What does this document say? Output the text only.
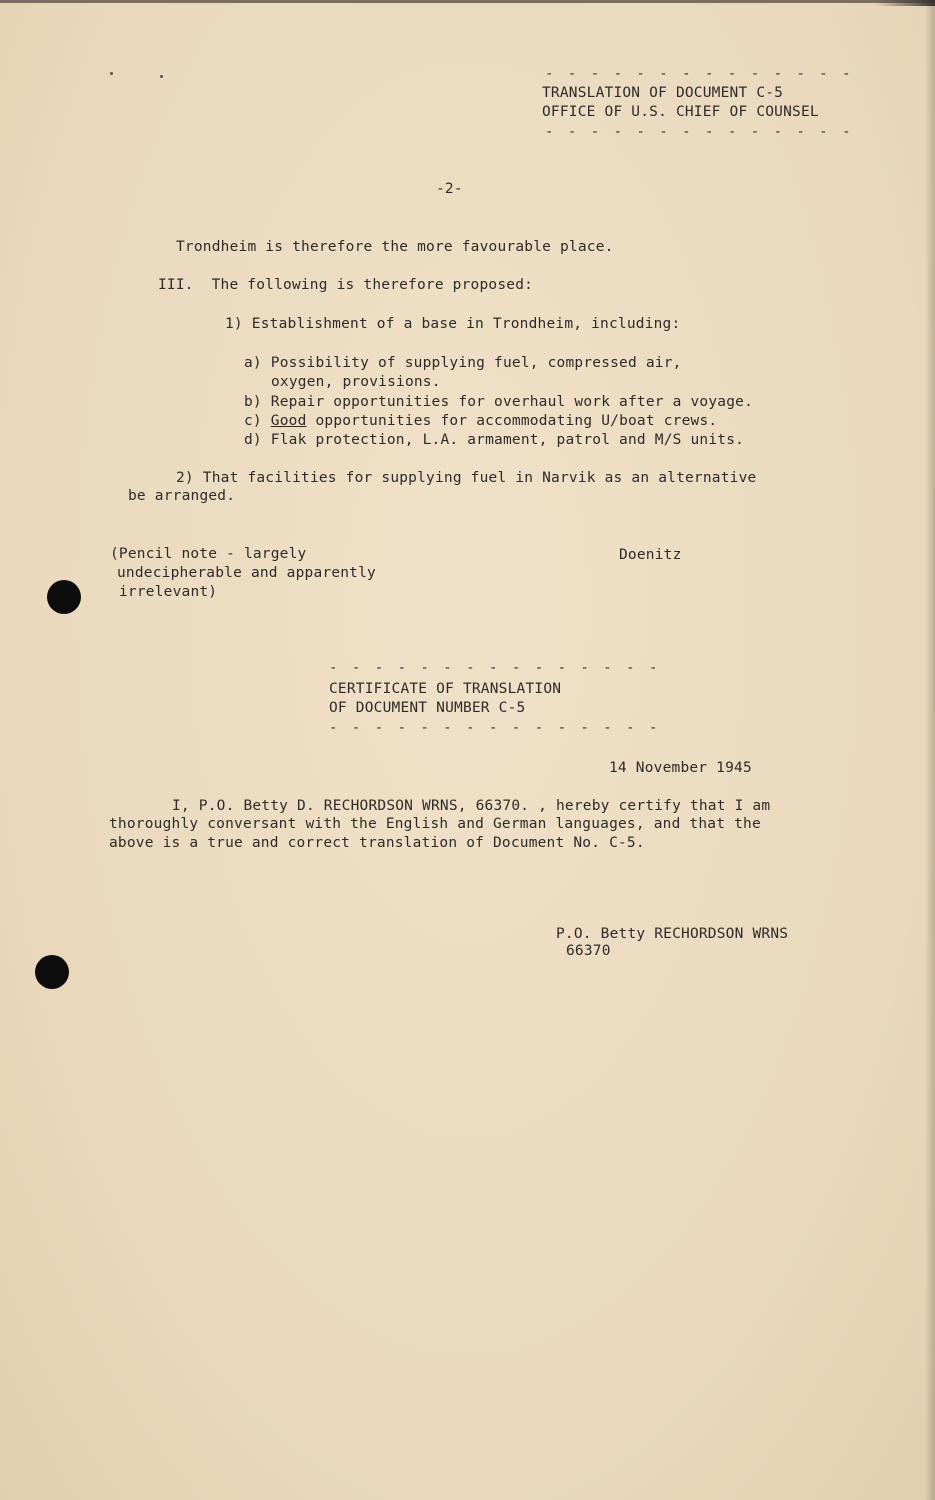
- - - - - - - - - - - - - -
TRANSLATION OF DOCUMENT C-5
OFFICE OF U.S. CHIEF OF COUNSEL
- - - - - - - - - - - - - -
-2-
Trondheim is therefore the more favourable place.
III.  The following is therefore proposed:
1) Establishment of a base in Trondheim, including:
a) Possibility of supplying fuel, compressed air,
oxygen, provisions.
b) Repair opportunities for overhaul work after a voyage.
c) Good opportunities for accommodating U/boat crews.
d) Flak protection, L.A. armament, patrol and M/S units.
2) That facilities for supplying fuel in Narvik as an alternative
be arranged.
(Pencil note - largely
undecipherable and apparently
irrelevant)
Doenitz
- - - - - - - - - - - - - - -
CERTIFICATE OF TRANSLATION
OF DOCUMENT NUMBER C-5
- - - - - - - - - - - - - - -
14 November 1945
I, P.O. Betty D. RECHORDSON WRNS, 66370. , hereby certify that I am
thoroughly conversant with the English and German languages, and that the
above is a true and correct translation of Document No. C-5.
P.O. Betty RECHORDSON WRNS
66370
